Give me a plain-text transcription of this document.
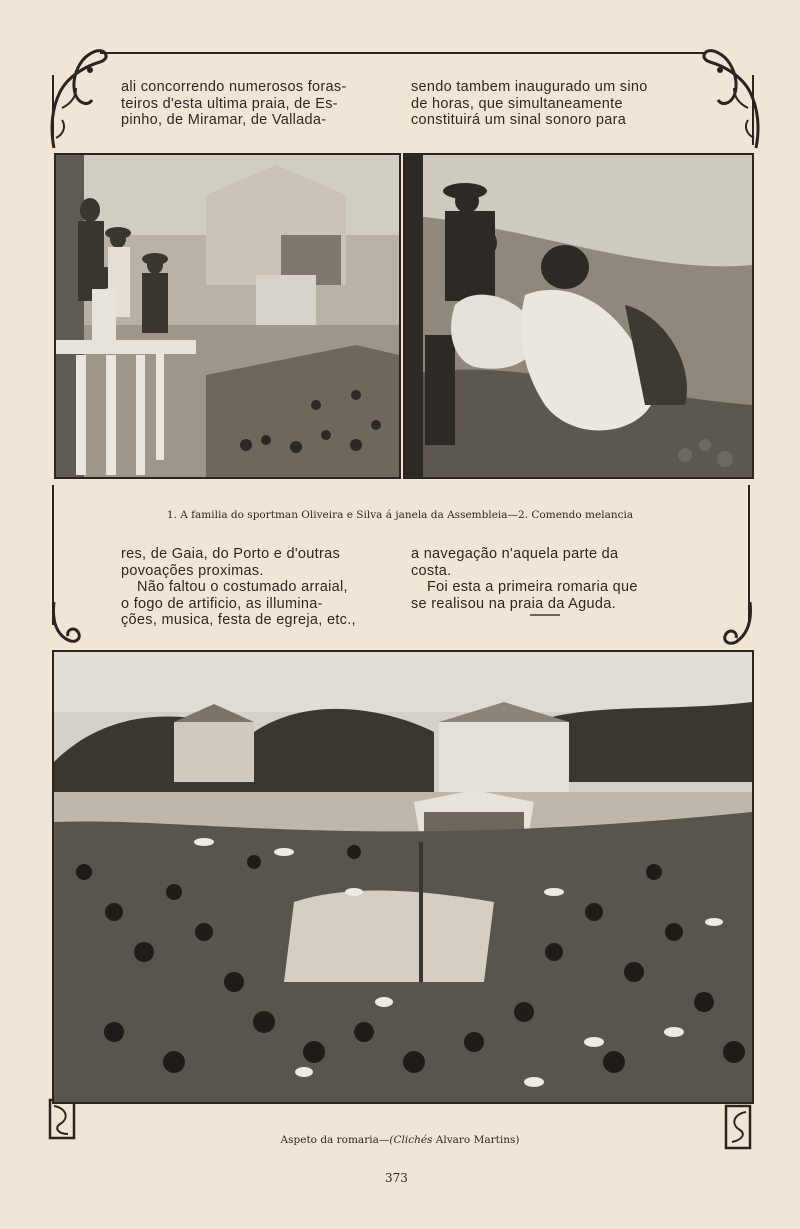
ali concorrendo numerosos foras-

teiros d'esta ultima praia, de Es-

pinho, de Miramar, de Vallada-

sendo tambem inaugurado um sino

de horas, que simultaneamente

constituirá um sinal sonoro para

1. A familia do sportman Oliveira e Silva á janela da Assembleia—2. Comendo melancia

res, de Gaia, do Porto e d'outras

povoações proximas.

Não faltou o costumado arraial,

o fogo de artificio, as illumina-

ções, musica, festa de egreja, etc.,

a navegação n'aquela parte da

costa.

Foi esta a primeira romaria que

se realisou na praia da Aguda.

Aspeto da romaria—(Clichés Alvaro Martins)
373
